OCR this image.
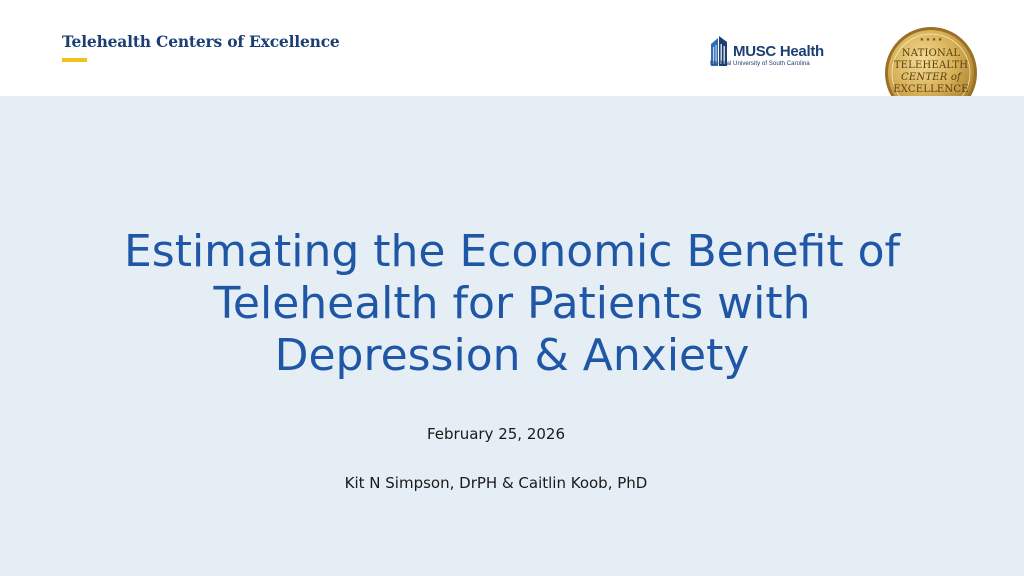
Telehealth Centers of Excellence
MUSC Health
Medical University of South Carolina
★ ★ ★ ★
NATIONAL
TELEHEALTH
CENTER of
EXCELLENCE
Estimating the Economic Benefit of
Telehealth for Patients with
Depression & Anxiety
February 25, 2026
Kit N Simpson, DrPH & Caitlin Koob, PhD
